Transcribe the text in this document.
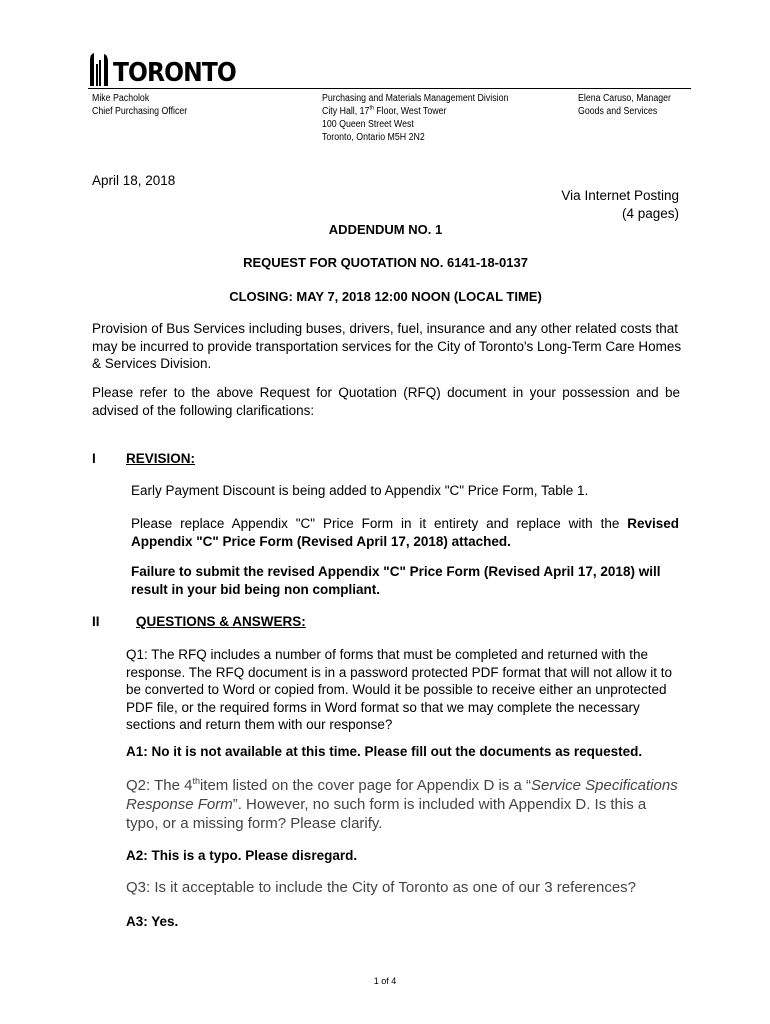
TORONTO
Mike Pacholok
Chief Purchasing Officer
Purchasing and Materials Management Division
City Hall, 17th Floor, West Tower
100 Queen Street West
Toronto, Ontario M5H 2N2
Elena Caruso, Manager
Goods and Services
April 18, 2018
Via Internet Posting
(4 pages)
ADDENDUM NO. 1
REQUEST FOR QUOTATION NO. 6141-18-0137
CLOSING: MAY 7, 2018 12:00 NOON (LOCAL TIME)
Provision of Bus Services including buses, drivers, fuel, insurance and any other related costs that may be incurred to provide transportation services for the City of Toronto's Long-Term Care Homes & Services Division.
Please refer to the above Request for Quotation (RFQ) document in your possession and be advised of the following clarifications:
I REVISION:
Early Payment Discount is being added to Appendix "C" Price Form, Table 1.
Please replace Appendix "C" Price Form in it entirety and replace with the Revised Appendix "C" Price Form (Revised April 17, 2018) attached.
Failure to submit the revised Appendix "C" Price Form (Revised April 17, 2018) will result in your bid being non compliant.
II	QUESTIONS & ANSWERS:
Q1: The RFQ includes a number of forms that must be completed and returned with the response. The RFQ document is in a password protected PDF format that will not allow it to be converted to Word or copied from. Would it be possible to receive either an unprotected PDF file, or the required forms in Word format so that we may complete the necessary sections and return them with our response?
A1: No it is not available at this time. Please fill out the documents as requested.
Q2: The 4thitem listed on the cover page for Appendix D is a “Service Specifications Response Form”. However, no such form is included with Appendix D. Is this a typo, or a missing form? Please clarify.
A2: This is a typo. Please disregard.
Q3: Is it acceptable to include the City of Toronto as one of our 3 references?
A3: Yes.
1 of 4
